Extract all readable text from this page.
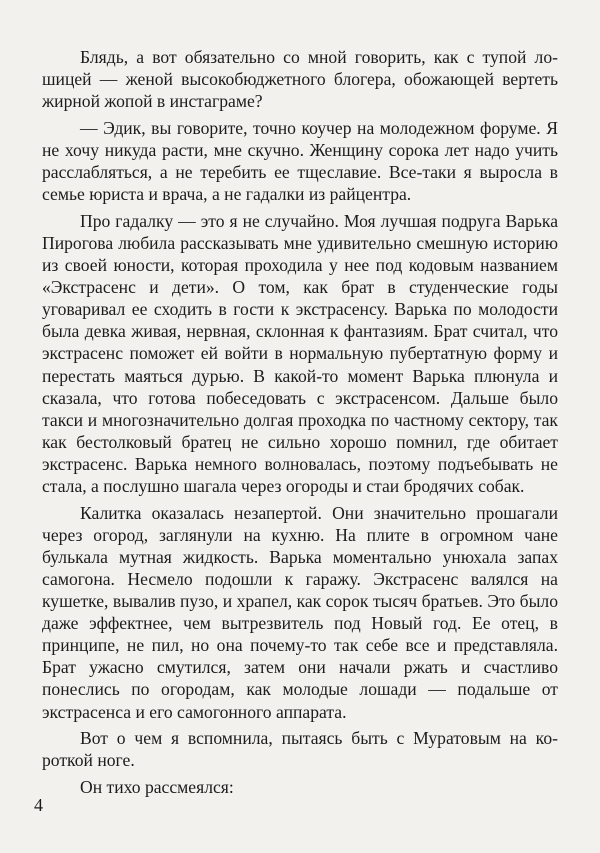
Блядь, а вот обязательно со мной говорить, как с тупой лошицей — женой высокобюджетного блогера, обожающей вертеть жирной жопой в инстаграме?

— Эдик, вы говорите, точно коучер на молодежном форуме. Я не хочу никуда расти, мне скучно. Женщину сорока лет надо учить расслабляться, а не теребить ее тщеславие. Все-таки я выросла в семье юриста и врача, а не гадалки из райцентра.

Про гадалку — это я не случайно. Моя лучшая подруга Варька Пирогова любила рассказывать мне удивительно смешную историю из своей юности, которая проходила у нее под кодовым названием «Экстрасенс и дети». О том, как брат в студенческие годы уговаривал ее сходить в гости к экстрасенсу. Варька по молодости была девка живая, нервная, склонная к фантазиям. Брат считал, что экстрасенс поможет ей войти в нормальную пубертатную форму и перестать маяться дурью. В какой-то момент Варька плюнула и сказала, что готова побеседовать с экстрасенсом. Дальше было такси и многозначительно долгая проходка по частному сектору, так как бестолковый братец не сильно хорошо помнил, где обитает экстрасенс. Варька немного волновалась, поэтому подъебывать не стала, а послушно шагала через огороды и стаи бродячих собак.

Калитка оказалась незапертой. Они значительно прошагали через огород, заглянули на кухню. На плите в огромном чане булькала мутная жидкость. Варька моментально унюхала запах самогона. Несмело подошли к гаражу. Экстрасенс валялся на кушетке, вывалив пузо, и храпел, как сорок тысяч братьев. Это было даже эффектнее, чем вытрезвитель под Новый год. Ее отец, в принципе, не пил, но она почему-то так себе все и представляла. Брат ужасно смутился, затем они начали ржать и счастливо понеслись по огородам, как молодые лошади — подальше от экстрасенса и его самогонного аппарата.

Вот о чем я вспомнила, пытаясь быть с Муратовым на короткой ноге.

Он тихо рассмеялся:

4
